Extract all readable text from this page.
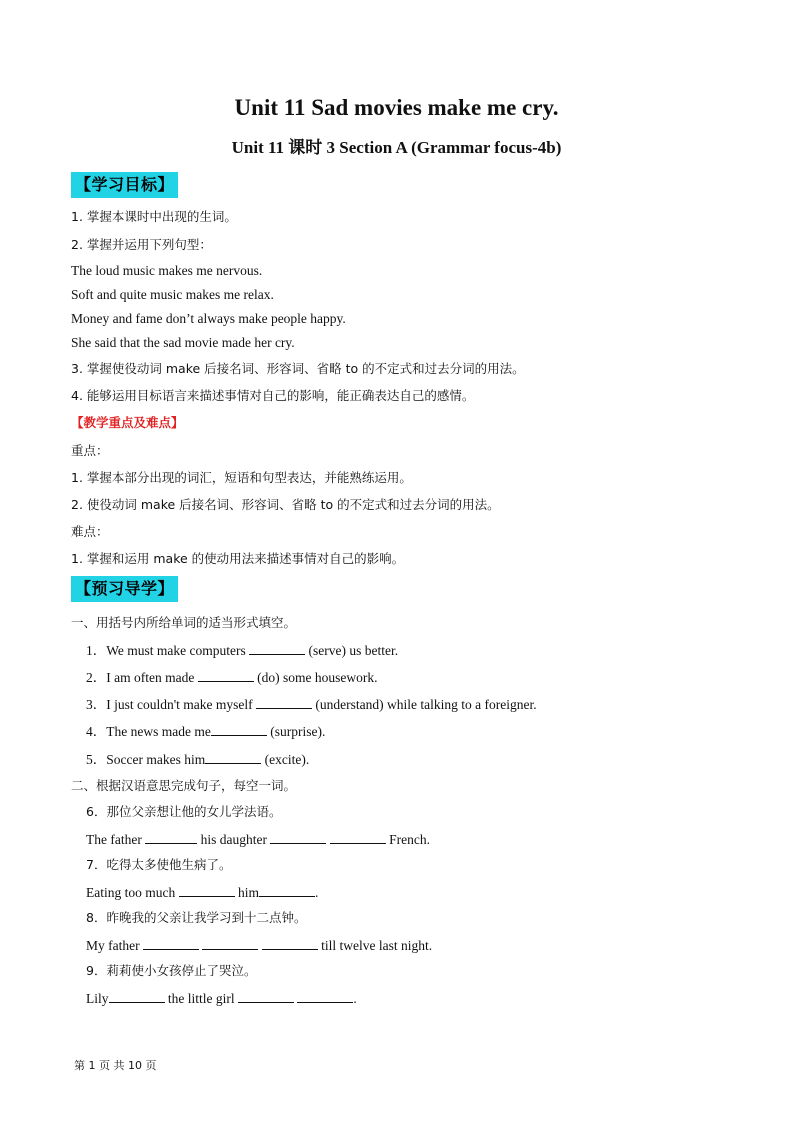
Unit 11 Sad movies make me cry.
Unit 11 课时 3 Section A (Grammar focus-4b)
【学习目标】
1. 掌握本课时中出现的生词。
2. 掌握并运用下列句型：
The loud music makes me nervous.
Soft and quite music makes me relax.
Money and fame don’t always make people happy.
She said that the sad movie made her cry.
3. 掌握使役动词 make 后接名词、形容词、省略 to 的不定式和过去分词的用法。
4. 能够运用目标语言来描述事情对自己的影响，能正确表达自己的感情。
【教学重点及难点】
重点：
1. 掌握本部分出现的词汇，短语和句型表达，并能熟练运用。
2. 使役动词 make 后接名词、形容词、省略 to 的不定式和过去分词的用法。
难点：
1. 掌握和运用 make 的使动用法来描述事情对自己的影响。
【预习导学】
一、用括号内所给单词的适当形式填空。
1．We must make computers	(serve) us better.
2．I am often made	(do) some housework.
3．I just couldn't make myself	(understand) while talking to a foreigner.
4．The news made me	(surprise).
5．Soccer makes him	(excite).
二、根据汉语意思完成句子，每空一词。
6．那位父亲想让他的女儿学法语。
The father	his daughter	French.
7．吃得太多使他生病了。
Eating too much	him	.
8．昨晚我的父亲让我学习到十二点钟。
My father	till twelve last night.
9．莉莉使小女孩停止了哭泣。
Lily	the little girl	.
第 1 页 共 10 页
